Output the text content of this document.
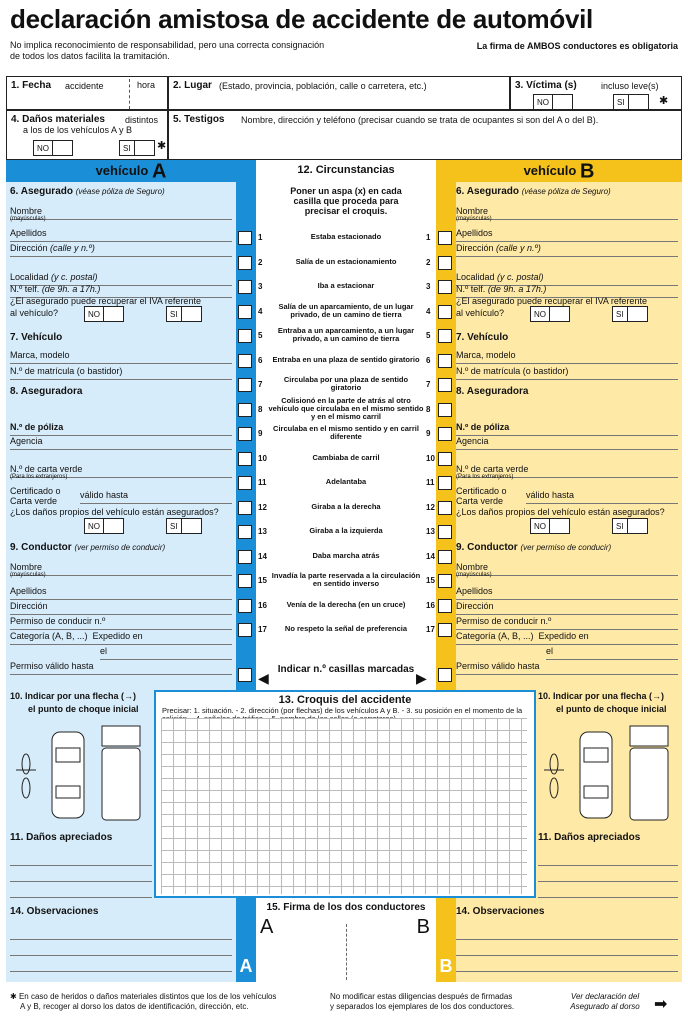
declaración amistosa de accidente de automóvil
No implica reconocimiento de responsabilidad, pero una correcta consignación
de todos los datos facilita la tramitación.
La firma de AMBOS conductores es obligatoria
1. Fecha accidente	hora 2. Lugar (Estado, provincia, población, calle o carretera, etc.)	3. Víctima (s)	incluso leve(s)
NO	SI	✱
4. Daños materiales distintos
a los de los vehículos A y B
NO	SI ✱
5. Testigos Nombre, dirección y teléfono (precisar cuando se trata de ocupantes si son del A o del B).
vehículo A	vehículo B
6. Asegurado (véase póliza de Seguro)
Nombre
(mayúsculas)
Apellidos
Dirección (calle y n.º)
Localidad (y c. postal)
N.º telf. (de 9h. a 17h.)
¿El asegurado puede recuperar el IVA referente
al vehículo?	NO	SI
7. Vehículo
Marca, modelo
N.º de matrícula (o bastidor)
8. Aseguradora
N.º de póliza
Agencia
N.º de carta verde
(Para los extranjeros)
Certificado o
Carta verde
válido hasta
¿Los daños propios del vehículo están asegurados?
NO	SI
9. Conductor (ver permiso de conducir)
Nombre
(mayúsculas)
Apellidos
Dirección
Permiso de conducir n.º
Categoría (A, B, ...) Expedido en
el
Permiso válido hasta
6. Asegurado (véase póliza de Seguro)
Nombre
(mayúsculas)
Apellidos
Dirección (calle y n.º)
Localidad (y c. postal)
N.º telf. (de 9h. a 17h.)
¿El asegurado puede recuperar el IVA referente
al vehículo?	NO	SI
7. Vehículo
Marca, modelo
N.º de matrícula (o bastidor)
8. Aseguradora
N.º de póliza
Agencia
N.º de carta verde
(Para los extranjeros)
Certificado o
Carta verde
válido hasta
¿Los daños propios del vehículo están asegurados?
NO	SI
9. Conductor (ver permiso de conducir)
Nombre
(mayúsculas)
Apellidos
Dirección
Permiso de conducir n.º
Categoría (A, B, ...) Expedido en
el
Permiso válido hasta
12. Circunstancias
Poner un aspa (x) en cada casilla que proceda para precisar el croquis.
Estaba estacionado
1	1
Salía de un estacionamiento
2	2
Iba a estacionar
3	3
Salía de un aparcamiento, de un lugar privado, de un camino de tierra
4	4
Entraba a un aparcamiento, a un lugar privado, a un camino de tierra
5	5
Entraba en una plaza de sentido giratorio
6	6
Circulaba por una plaza de sentido giratorio
7	7
Colisionó en la parte de atrás al otro vehículo que circulaba en el mismo sentido y en el mismo carril
8	8
Circulaba en el mismo sentido y en carril diferente
9	9
Cambiaba de carril
10	10
Adelantaba
11	11
Giraba a la derecha
12	12
Giraba a la izquierda
13	13
Daba marcha atrás
14	14
Invadía la parte reservada a la circulación en sentido inverso
15	15
Venía de la derecha (en un cruce)
16	16
No respeto la señal de preferencia
17	17
Indicar n.º casillas marcadas
◀	▶
13. Croquis del accidente
Precisar: 1. situación. - 2. dirección (por flechas) de los vehículos A y B. - 3. su posición en el momento de la
10. Indicar por una flecha (→)
el punto de choque inicial
11. Daños apreciados
10. Indicar por una flecha (→)
el punto de choque inicial
11. Daños apreciados
14. Observaciones	14. Observaciones
A	B
15. Firma de los dos conductores
A	B
✱ En caso de heridos o daños materiales distintos que los de los vehículos
A y B, recoger al dorso los datos de identificación, dirección, etc.
No modificar estas diligencias después de firmadas
y separados los ejemplares de los dos conductores.
Ver declaración del
Asegurado al dorso ➡
